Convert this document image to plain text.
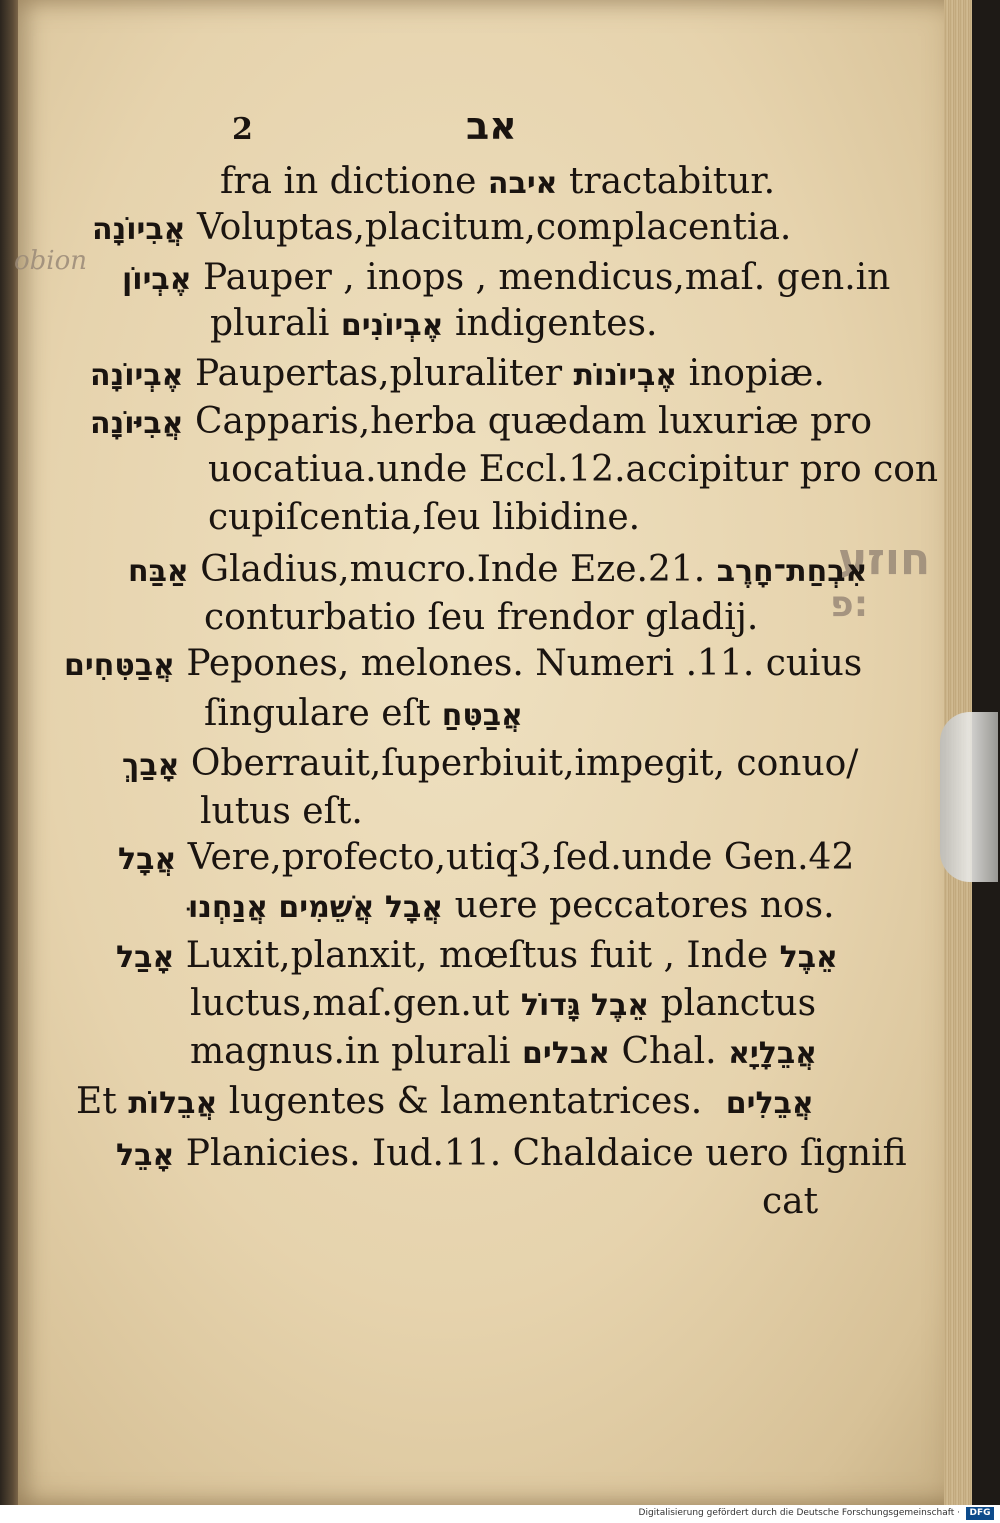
2	אב
obion
חוזע
פ:
fra in dictione איבה tractabitur.
אֲבִיוֹנָה Voluptas,placitum,complacentia.
אֶבְיוֹן Pauper , inops , mendicus,maſ. gen.in
plurali אֶבְיוֹנִים indigentes.
אֶבְיוֹנָה Paupertas,pluraliter אֶבְיוֹנוֹת inopiæ.
אֲבִיּוֹנָה Capparis,herba quædam luxuriæ pro
uocatiua.unde Eccl.12.accipitur pro con
cupiſcentia,ſeu libidine.
אַבַּח Gladius,mucro.Inde Eze.21. אִבְחַת־חָרֶב
conturbatio ſeu frendor gladij.
אֲבַטִּחִים Pepones, melones. Numeri .11. cuius
ſingulare eſt אֲבַטִּחַ
אָבַךְ Oberrauit,ſuperbiuit,impegit, conuo/
lutus eſt.
אֲבָל Vere,profecto,utiq3,ſed.unde Gen.42
אֲבָל אֲשֵׁמִים אֲנַחְנוּ uere peccatores nos.
אָבַל Luxit,planxit, mœſtus fuit , Inde אֵבֶל
luctus,maſ.gen.ut אֵבֶל גָּדוֹל planctus
magnus.in plurali אבלים Chal. אֲבֵלָיָא
Et אֲבֵלוֹת lugentes & lamentatrices. אֲבֵלִים
אָבֵל Planicies. Iud.11. Chaldaice uero ſignifi
cat
Digitalisierung gefördert durch die Deutsche Forschungsgemeinschaft ·	DFG
